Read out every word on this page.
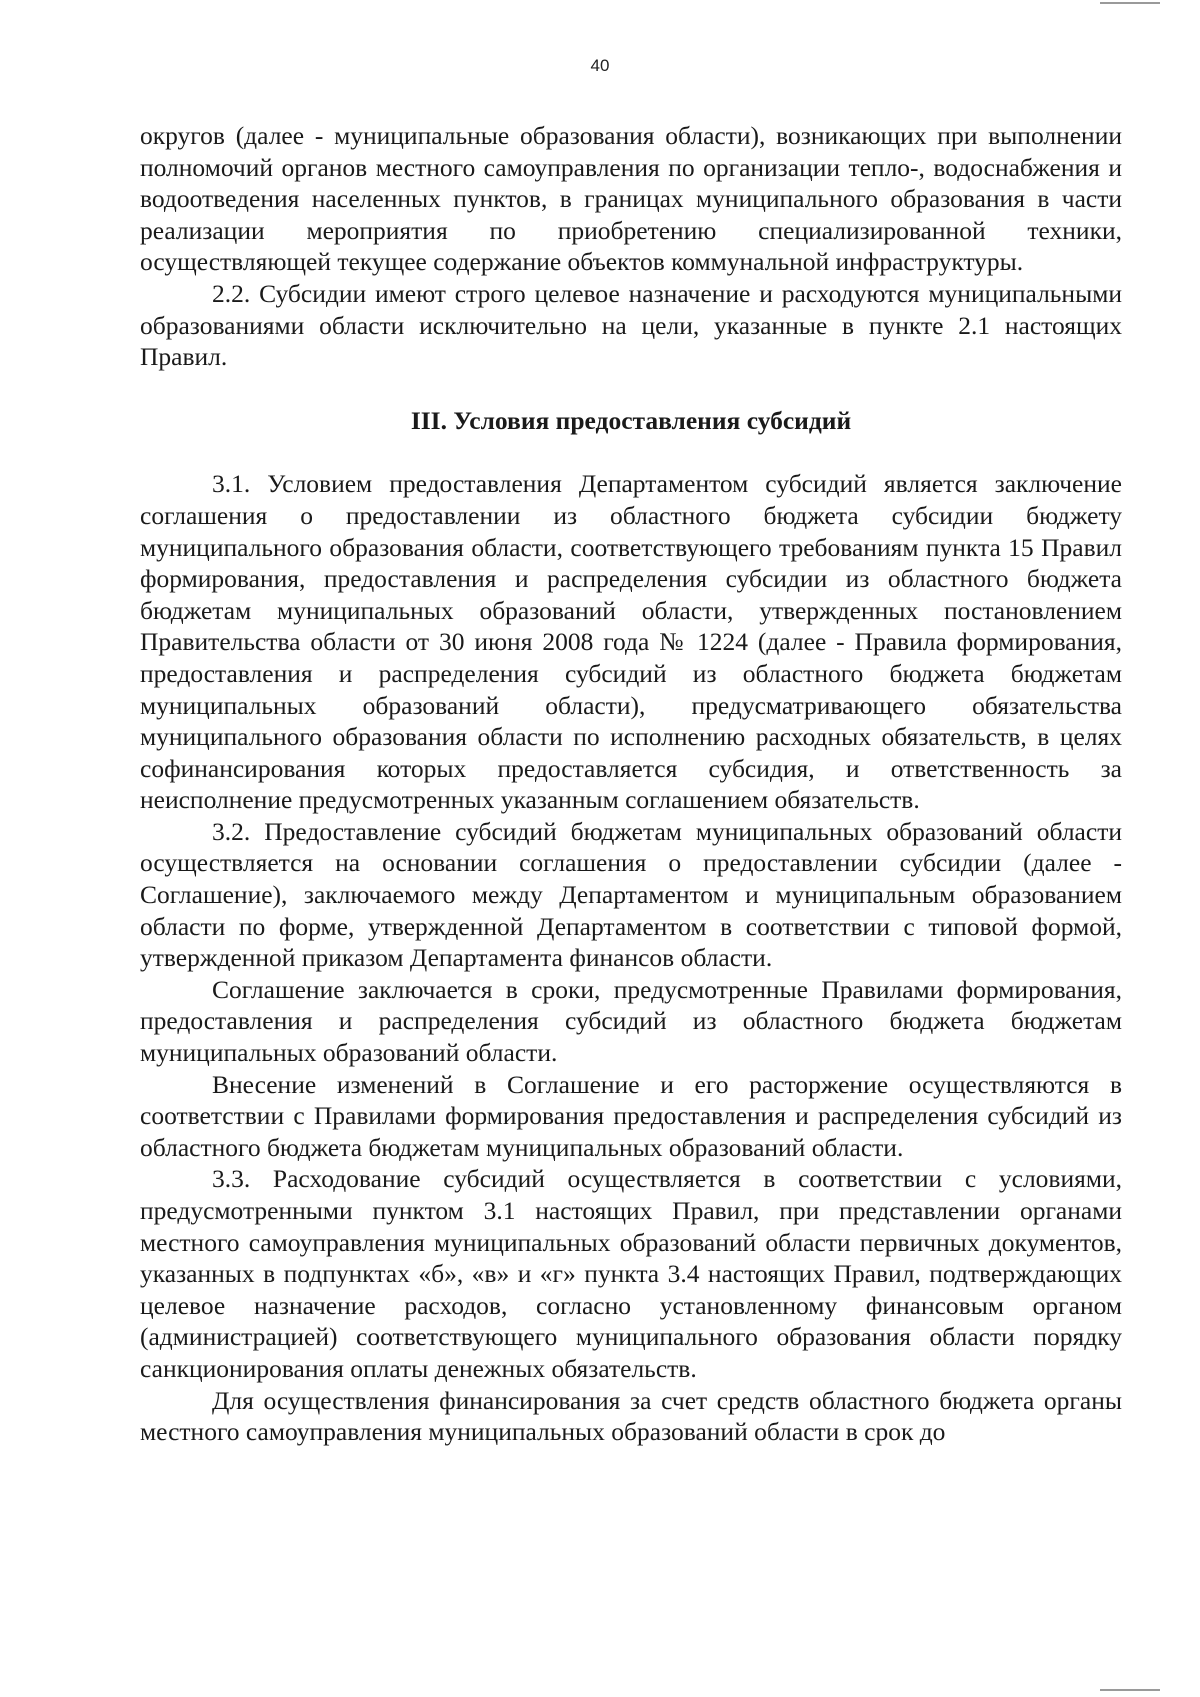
40

округов (далее - муниципальные образования области), возникающих при выполнении полномочий органов местного самоуправления по организации тепло-, водоснабжения и водоотведения населенных пунктов, в границах муниципального образования в части реализации мероприятия по приобретению специализированной техники, осуществляющей текущее содержание объектов коммунальной инфраструктуры.

2.2. Субсидии имеют строго целевое назначение и расходуются муниципальными образованиями области исключительно на цели, указанные в пункте 2.1 настоящих Правил.

III. Условия предоставления субсидий

3.1. Условием предоставления Департаментом субсидий является заключение соглашения о предоставлении из областного бюджета субсидии бюджету муниципального образования области, соответствующего требованиям пункта 15 Правил формирования, предоставления и распределения субсидии из областного бюджета бюджетам муниципальных образований области, утвержденных постановлением Правительства области от 30 июня 2008 года № 1224 (далее - Правила формирования, предоставления и распределения субсидий из областного бюджета бюджетам муниципальных образований области), предусматривающего обязательства муниципального образования области по исполнению расходных обязательств, в целях софинансирования которых предоставляется субсидия, и ответственность за неисполнение предусмотренных указанным соглашением обязательств.

3.2. Предоставление субсидий бюджетам муниципальных образований области осуществляется на основании соглашения о предоставлении субсидии (далее - Соглашение), заключаемого между Департаментом и муниципальным образованием области по форме, утвержденной Департаментом в соответствии с типовой формой, утвержденной приказом Департамента финансов области.

Соглашение заключается в сроки, предусмотренные Правилами формирования, предоставления и распределения субсидий из областного бюджета бюджетам муниципальных образований области.

Внесение изменений в Соглашение и его расторжение осуществляются в соответствии с Правилами формирования предоставления и распределения субсидий из областного бюджета бюджетам муниципальных образований области.

3.3. Расходование субсидий осуществляется в соответствии с условиями, предусмотренными пунктом 3.1 настоящих Правил, при представлении органами местного самоуправления муниципальных образований области первичных документов, указанных в подпунктах «б», «в» и «г» пункта 3.4 настоящих Правил, подтверждающих целевое назначение расходов, согласно установленному финансовым органом (администрацией) соответствующего муниципального образования области порядку санкционирования оплаты денежных обязательств.

Для осуществления финансирования за счет средств областного бюджета органы местного самоуправления муниципальных образований области в срок до
